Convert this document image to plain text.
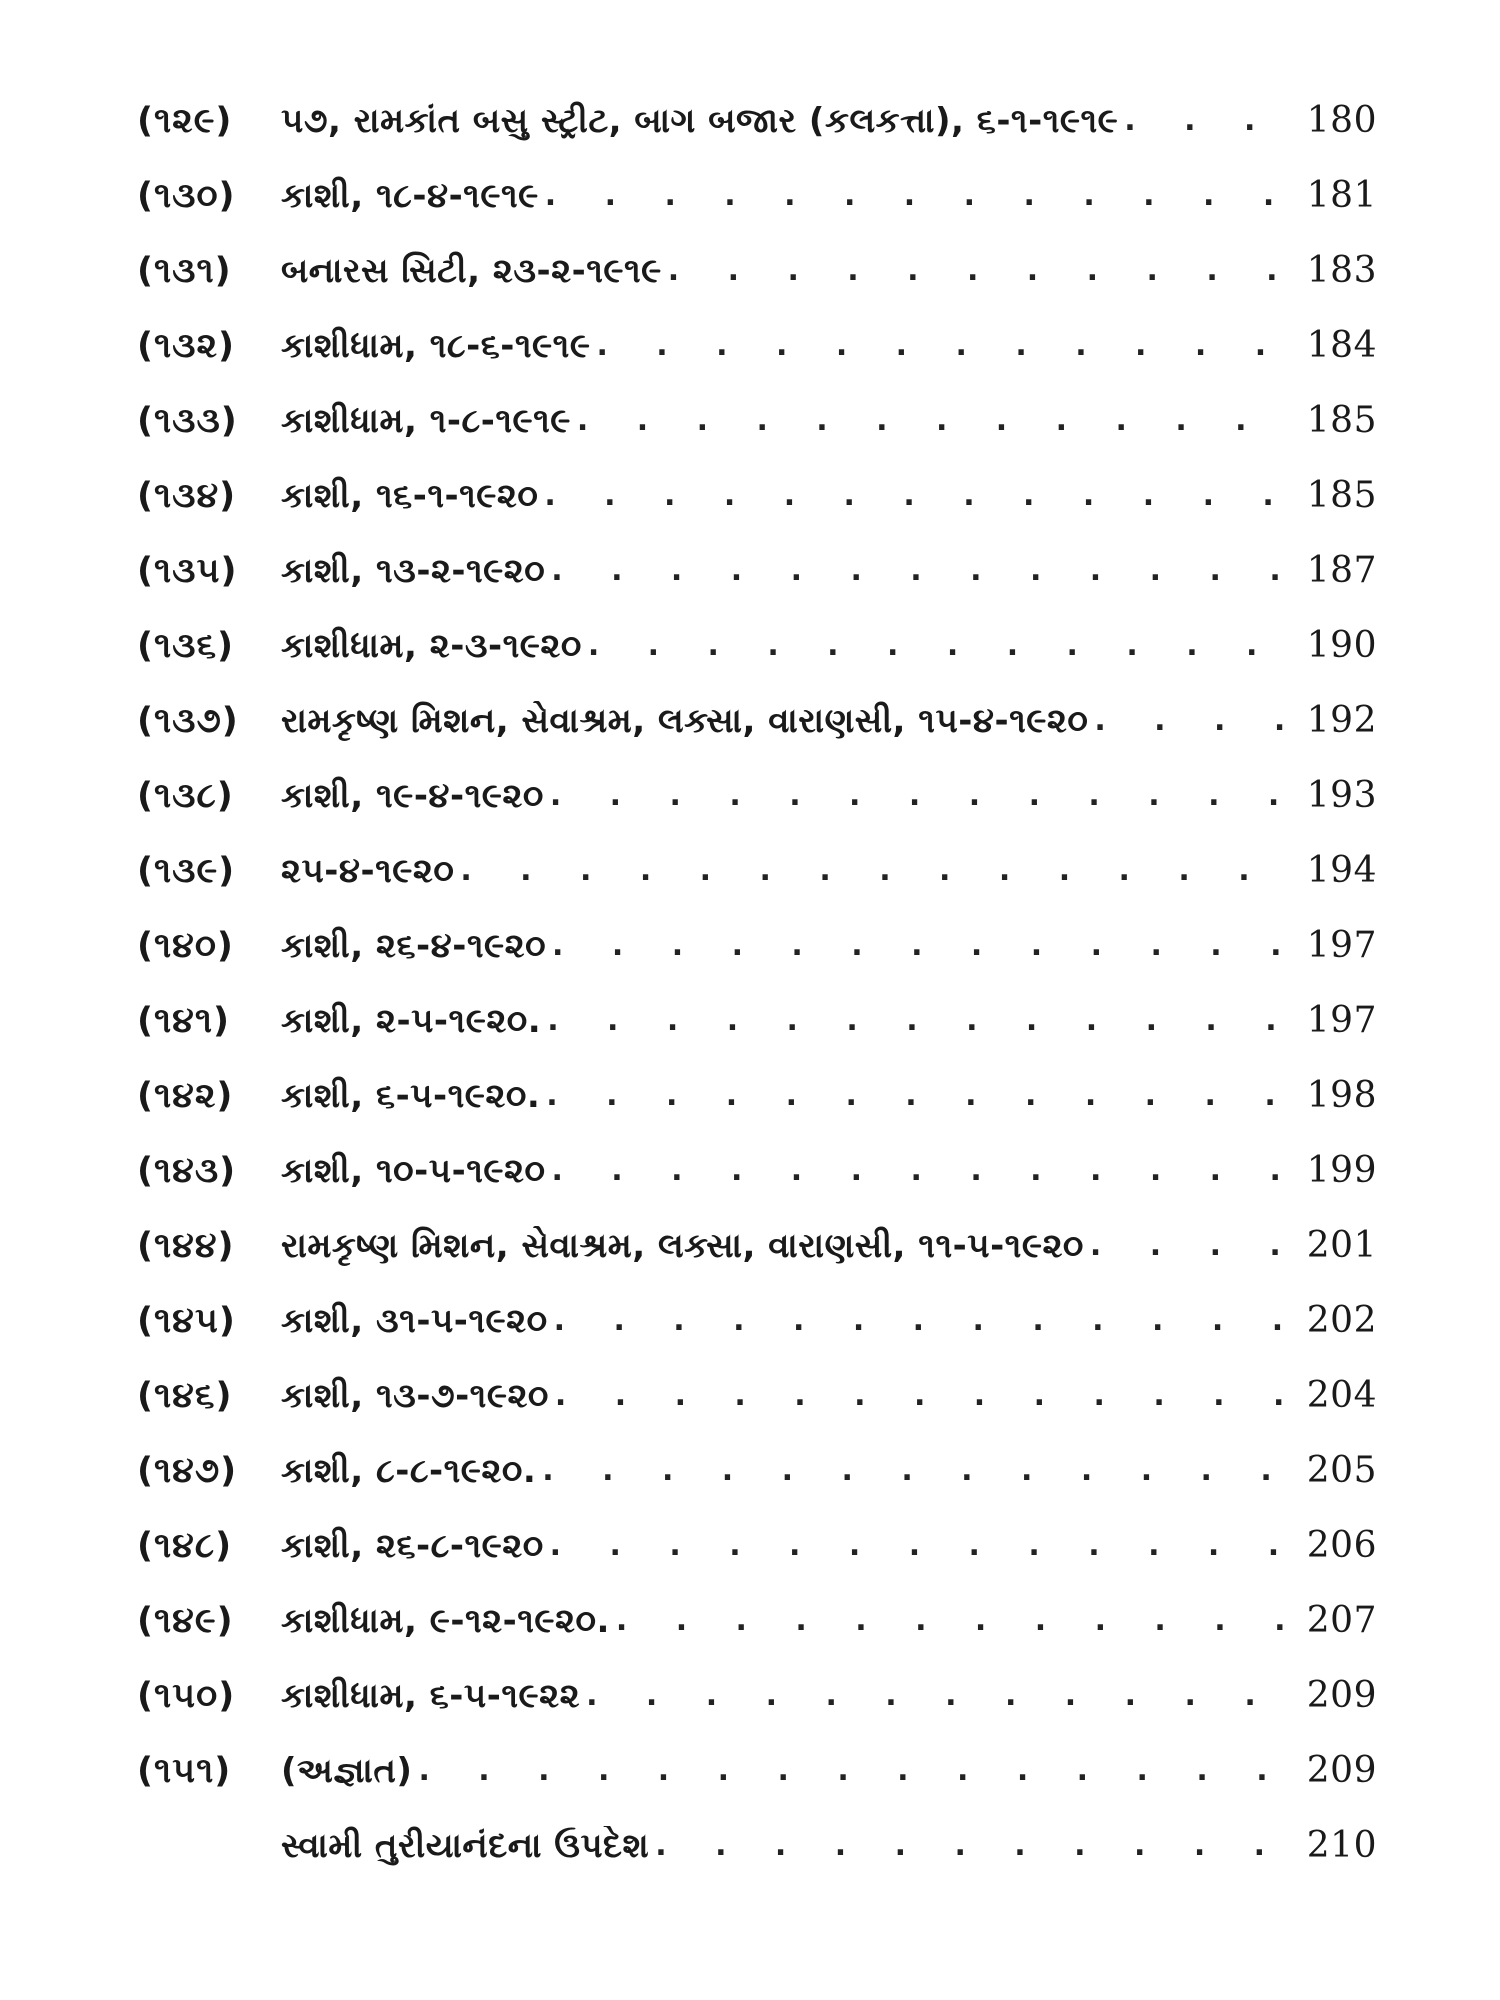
(૧૨૯)	૫૭, રામકાંત બસુ સ્ટ્રીટ, બાગ બજાર (કલકત્તા), ૬-૧-૧૯૧૯ . . .	180
(૧૩૦)	કાશી, ૧૮-૪-૧૯૧૯ . . .	181
(૧૩૧)	બનારસ સિટી, ૨૩-૨-૧૯૧૯ . . .	183
(૧૩૨)	કાશીધામ, ૧૮-૬-૧૯૧૯ . . .	184
(૧૩૩)	કાશીધામ, ૧-૮-૧૯૧૯ . . .	185
(૧૩૪)	કાશી, ૧૬-૧-૧૯૨૦ . . .	185
(૧૩૫)	કાશી, ૧૩-૨-૧૯૨૦ . . .	187
(૧૩૬)	કાશીધામ, ૨-૩-૧૯૨૦ . . .	190
(૧૩૭)	રામકૃષ્ણ મિશન, સેવાશ્રમ, લક્સા, વારાણસી, ૧૫-૪-૧૯૨૦ . . .	192
(૧૩૮)	કાશી, ૧૯-૪-૧૯૨૦ . . .	193
(૧૩૯)	૨૫-૪-૧૯૨૦ . . .	194
(૧૪૦)	કાશી, ૨૬-૪-૧૯૨૦ . . .	197
(૧૪૧)	કાશી, ૨-૫-૧૯૨૦. . . .	197
(૧૪૨)	કાશી, ૬-૫-૧૯૨૦. . . .	198
(૧૪૩)	કાશી, ૧૦-૫-૧૯૨૦ . . .	199
(૧૪૪)	રામકૃષ્ણ મિશન, સેવાશ્રમ, લક્સા, વારાણસી, ૧૧-૫-૧૯૨૦ . . .	201
(૧૪૫)	કાશી, ૩૧-૫-૧૯૨૦ . . .	202
(૧૪૬)	કાશી, ૧૩-૭-૧૯૨૦ . . .	204
(૧૪૭)	કાશી, ૮-૮-૧૯૨૦. . . .	205
(૧૪૮)	કાશી, ૨૬-૮-૧૯૨૦ . . .	206
(૧૪૯)	કાશીધામ, ૯-૧૨-૧૯૨૦. . . .	207
(૧૫૦)	કાશીધામ, ૬-૫-૧૯૨૨ . . .	209
(૧૫૧)	(અજ્ઞાત) . . .	209
સ્વામી તુરીયાનંદના ઉપદેશ . . .	210
